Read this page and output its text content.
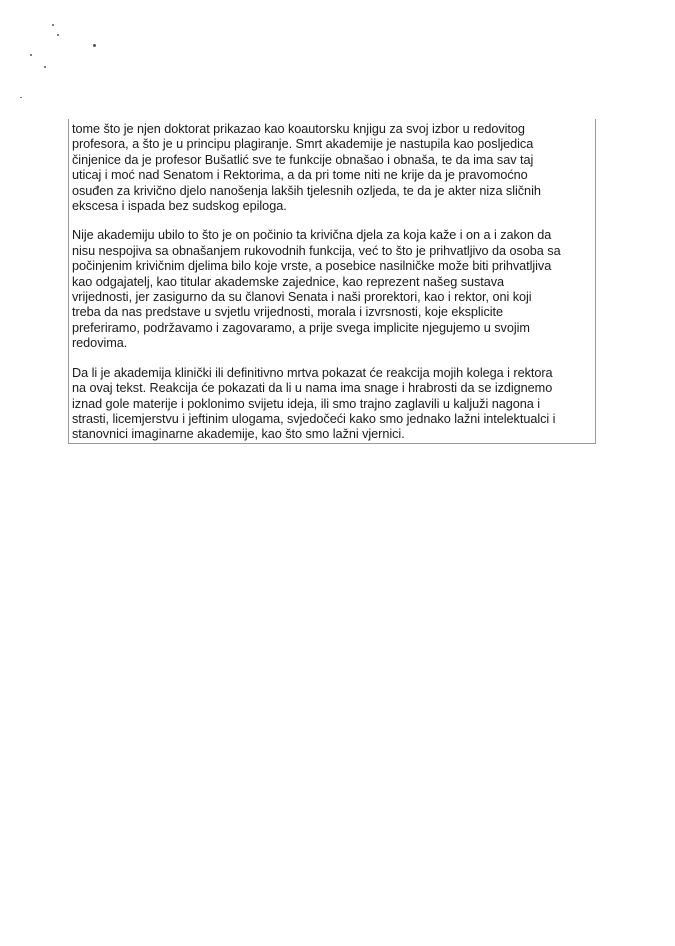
tome što je njen doktorat prikazao kao koautorsku knjigu za svoj izbor u redovitog
profesora, a što je u principu plagiranje. Smrt akademije je nastupila kao posljedica
činjenice da je profesor Bušatlić sve te funkcije obnašao i obnaša, te da ima sav taj
uticaj i moć nad Senatom i Rektorima, a da pri tome niti ne krije da je pravomoćno
osuđen za krivično djelo nanošenja lakših tjelesnih ozljeda, te da je akter niza sličnih
ekscesa i ispada bez sudskog epiloga.

Nije akademiju ubilo to što je on počinio ta krivična djela za koja kaže i on a i zakon da
nisu nespojiva sa obnašanjem rukovodnih funkcija, već to što je prihvatljivo da osoba sa
počinjenim krivičnim djelima bilo koje vrste, a posebice nasilničke može biti prihvatljiva
kao odgajatelj, kao titular akademske zajednice, kao reprezent našeg sustava
vrijednosti, jer zasigurno da su članovi Senata i naši prorektori, kao i rektor, oni koji
treba da nas predstave u svjetlu vrijednosti, morala i izvrsnosti, koje eksplicite
preferiramo, podržavamo i zagovaramo, a prije svega implicite njegujemo u svojim
redovima.

Da li je akademija klinički ili definitivno mrtva pokazat će reakcija mojih kolega i rektora
na ovaj tekst. Reakcija će pokazati da li u nama ima snage i hrabrosti da se izdignemo
iznad gole materije i poklonimo svijetu ideja, ili smo trajno zaglavili u kaljuži nagona i
strasti, licemjerstvu i jeftinim ulogama, svjedočeći kako smo jednako lažni intelektualci i
stanovnici imaginarne akademije, kao što smo lažni vjernici.
